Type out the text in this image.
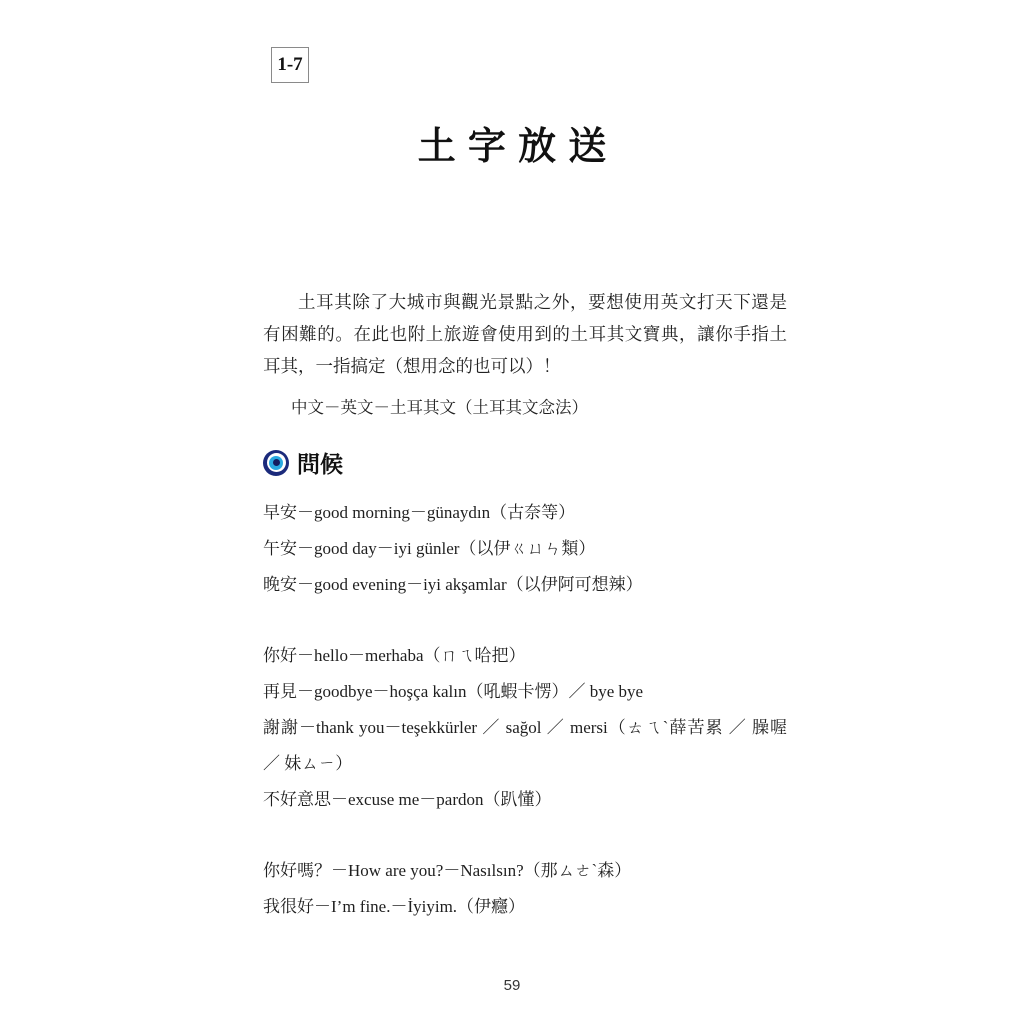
1-7
土字放送

土耳其除了大城市與觀光景點之外，要想使用英文打天下還是有困難的。在此也附上旅遊會使用到的土耳其文寶典，讓你手指土耳其，一指搞定（想用念的也可以）！

中文－英文－土耳其文（土耳其文念法）

問候

早安－good morning－günaydın（古奈等）

午安－good day－iyi günler（以伊ㄍㄩㄣ類）

晚安－good evening－iyi akşamlar（以伊阿可想辣）

你好－hello－merhaba（ㄇㄟ哈把）

再見－goodbye－hoşça kalın（吼蝦卡愣）／ bye bye

謝謝－thank you－teşekkürler ／ sağol ／ mersi（ㄊㄟˋ薛苦累 ／ 臊喔 ／ 妹ㄙㄧ）

不好意思－excuse me－pardon（趴懂）

你好嗎？－How are you?－Nasılsın?（那ㄙㄜˋ森）

我很好－I’m fine.－İyiyim.（伊癮）

59
